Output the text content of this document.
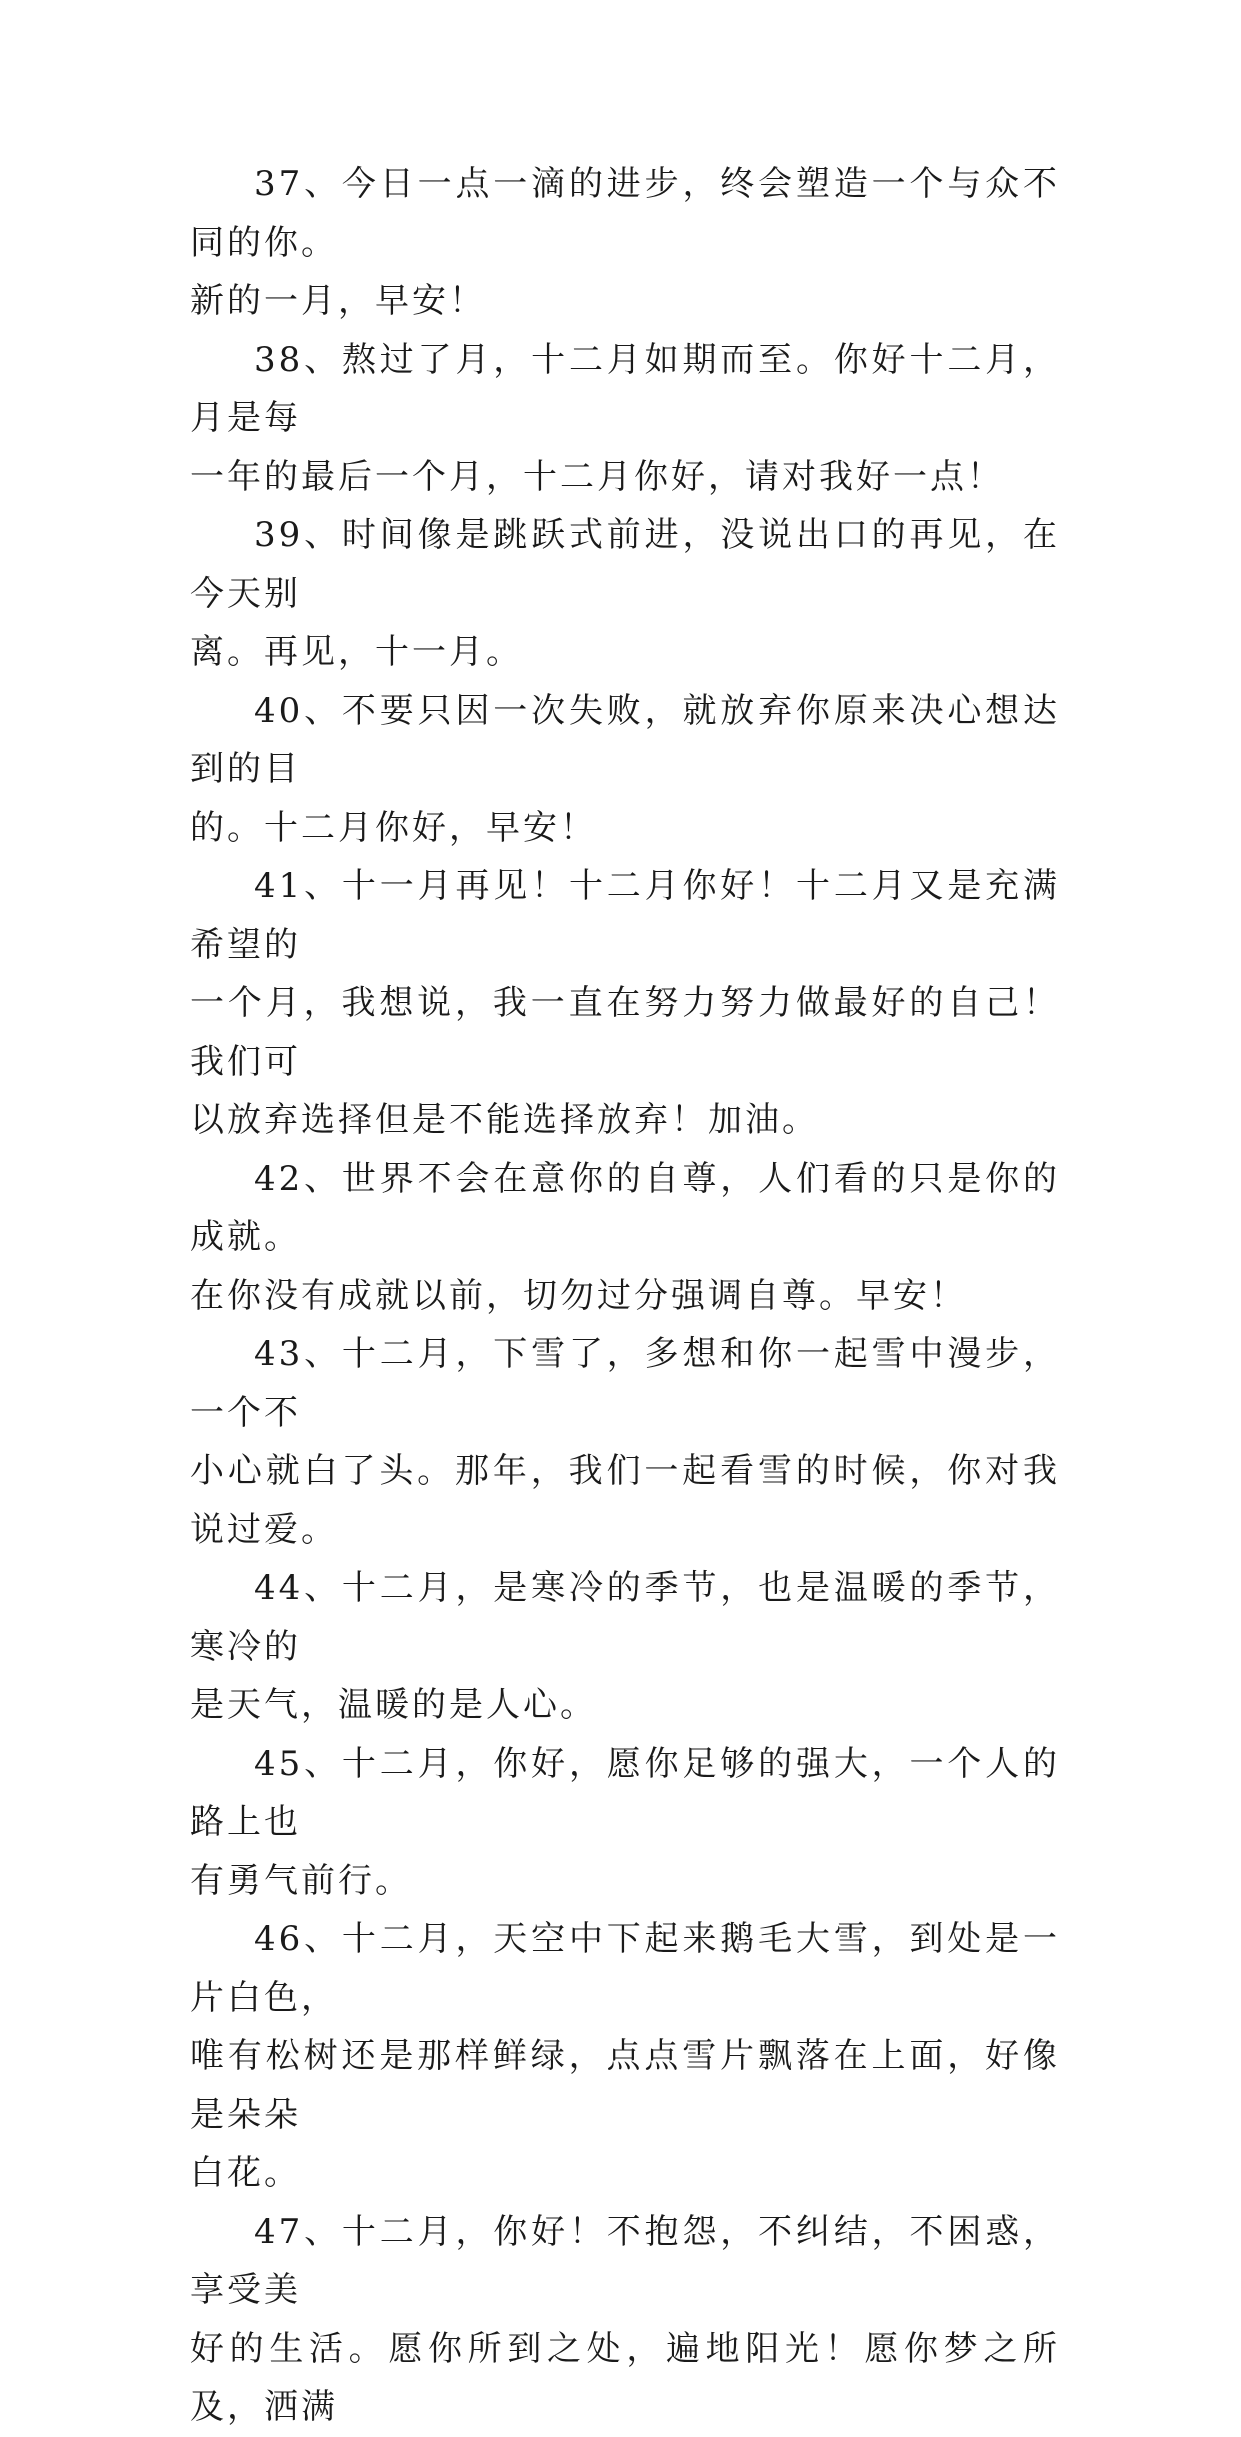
37、今日一点一滴的进步，终会塑造一个与众不同的你。
新的一月，早安！

38、熬过了月，十二月如期而至。你好十二月，月是每
一年的最后一个月，十二月你好，请对我好一点！

39、时间像是跳跃式前进，没说出口的再见，在今天别
离。再见，十一月。

40、不要只因一次失败，就放弃你原来决心想达到的目
的。十二月你好，早安！

41、十一月再见！十二月你好！十二月又是充满希望的
一个月，我想说，我一直在努力努力做最好的自己！我们可
以放弃选择但是不能选择放弃！加油。

42、世界不会在意你的自尊，人们看的只是你的成就。
在你没有成就以前，切勿过分强调自尊。早安！

43、十二月，下雪了，多想和你一起雪中漫步，一个不
小心就白了头。那年，我们一起看雪的时候，你对我说过爱。

44、十二月，是寒冷的季节，也是温暖的季节，寒冷的
是天气，温暖的是人心。

45、十二月，你好，愿你足够的强大，一个人的路上也
有勇气前行。

46、十二月，天空中下起来鹅毛大雪，到处是一片白色，
唯有松树还是那样鲜绿，点点雪片飘落在上面，好像是朵朵
白花。

47、十二月，你好！不抱怨，不纠结，不困惑，享受美
好的生活。愿你所到之处，遍地阳光！愿你梦之所及，洒满
